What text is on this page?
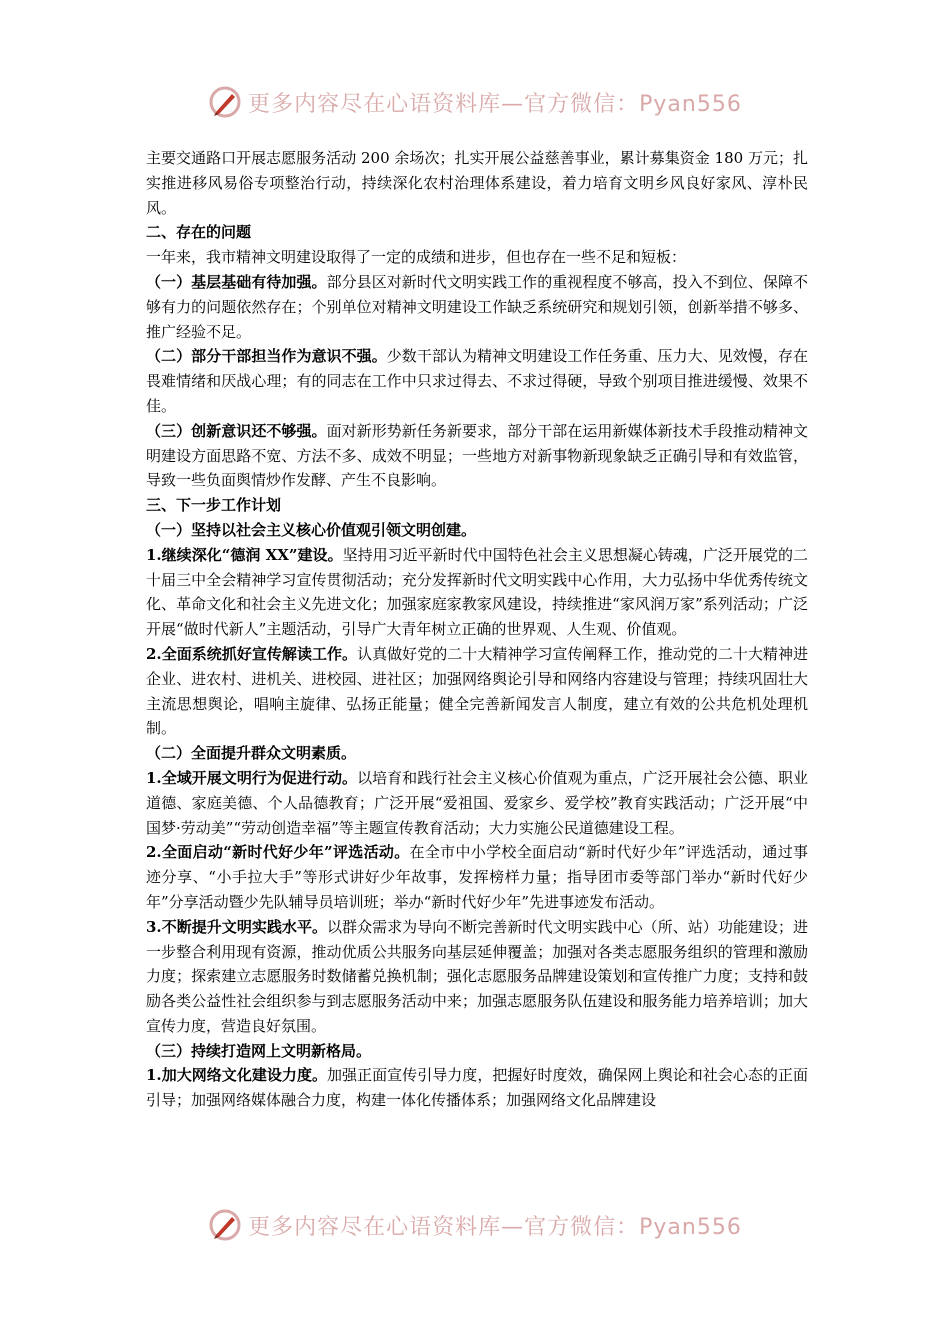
更多内容尽在心语资料库—官方微信：Pyan556

主要交通路口开展志愿服务活动 200 余场次；扎实开展公益慈善事业，累计募集资金 180 万元；扎实推进移风易俗专项整治行动，持续深化农村治理体系建设，着力培育文明乡风良好家风、淳朴民风。

二、存在的问题

一年来，我市精神文明建设取得了一定的成绩和进步，但也存在一些不足和短板：

（一）基层基础有待加强。部分县区对新时代文明实践工作的重视程度不够高，投入不到位、保障不够有力的问题依然存在；个别单位对精神文明建设工作缺乏系统研究和规划引领，创新举措不够多、推广经验不足。

（二）部分干部担当作为意识不强。少数干部认为精神文明建设工作任务重、压力大、见效慢，存在畏难情绪和厌战心理；有的同志在工作中只求过得去、不求过得硬，导致个别项目推进缓慢、效果不佳。

（三）创新意识还不够强。面对新形势新任务新要求，部分干部在运用新媒体新技术手段推动精神文明建设方面思路不宽、方法不多、成效不明显；一些地方对新事物新现象缺乏正确引导和有效监管，导致一些负面舆情炒作发酵、产生不良影响。

三、下一步工作计划

（一）坚持以社会主义核心价值观引领文明创建。

1.继续深化“德润 XX”建设。坚持用习近平新时代中国特色社会主义思想凝心铸魂，广泛开展党的二十届三中全会精神学习宣传贯彻活动；充分发挥新时代文明实践中心作用，大力弘扬中华优秀传统文化、革命文化和社会主义先进文化；加强家庭家教家风建设，持续推进“家风润万家”系列活动；广泛开展“做时代新人”主题活动，引导广大青年树立正确的世界观、人生观、价值观。

2.全面系统抓好宣传解读工作。认真做好党的二十大精神学习宣传阐释工作，推动党的二十大精神进企业、进农村、进机关、进校园、进社区；加强网络舆论引导和网络内容建设与管理；持续巩固壮大主流思想舆论，唱响主旋律、弘扬正能量；健全完善新闻发言人制度，建立有效的公共危机处理机制。

（二）全面提升群众文明素质。

1.全域开展文明行为促进行动。以培育和践行社会主义核心价值观为重点，广泛开展社会公德、职业道德、家庭美德、个人品德教育；广泛开展“爱祖国、爱家乡、爱学校”教育实践活动；广泛开展“中国梦·劳动美”“劳动创造幸福”等主题宣传教育活动；大力实施公民道德建设工程。

2.全面启动“新时代好少年”评选活动。在全市中小学校全面启动“新时代好少年”评选活动，通过事迹分享、“小手拉大手”等形式讲好少年故事，发挥榜样力量；指导团市委等部门举办“新时代好少年”分享活动暨少先队辅导员培训班；举办“新时代好少年”先进事迹发布活动。

3.不断提升文明实践水平。以群众需求为导向不断完善新时代文明实践中心（所、站）功能建设；进一步整合利用现有资源，推动优质公共服务向基层延伸覆盖；加强对各类志愿服务组织的管理和激励力度；探索建立志愿服务时数储蓄兑换机制；强化志愿服务品牌建设策划和宣传推广力度；支持和鼓励各类公益性社会组织参与到志愿服务活动中来；加强志愿服务队伍建设和服务能力培养培训；加大宣传力度，营造良好氛围。

（三）持续打造网上文明新格局。

1.加大网络文化建设力度。加强正面宣传引导力度，把握好时度效，确保网上舆论和社会心态的正面引导；加强网络媒体融合力度，构建一体化传播体系；加强网络文化品牌建设

更多内容尽在心语资料库—官方微信：Pyan556
